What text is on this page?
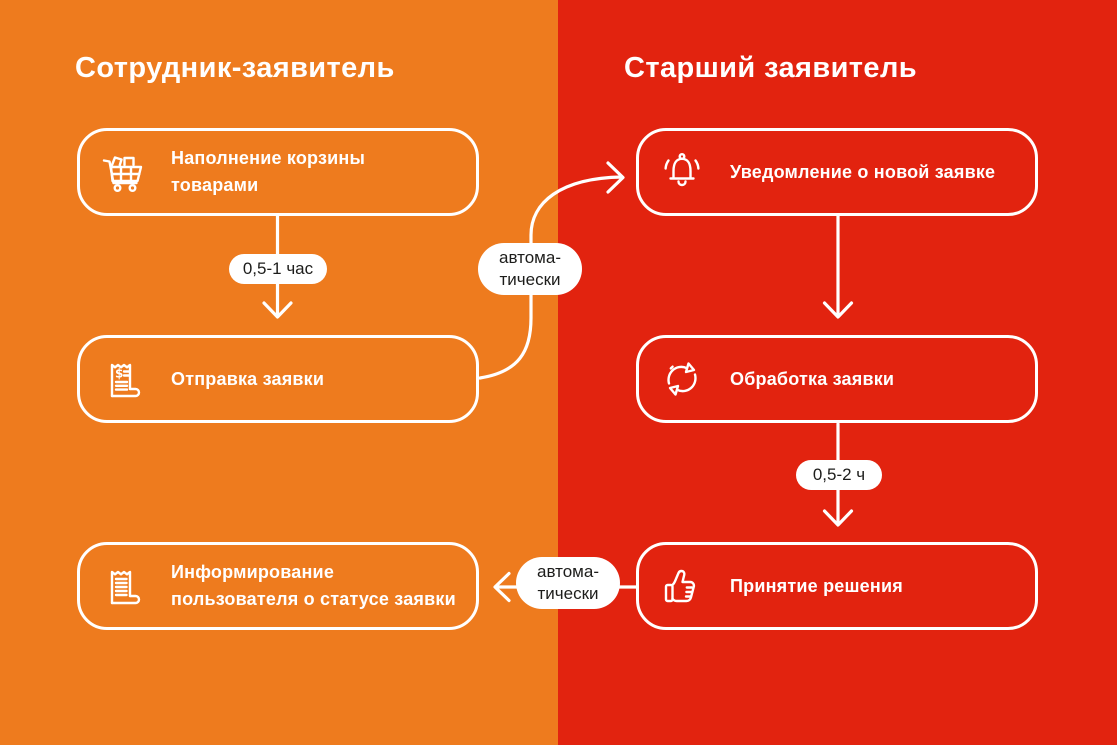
Сотрудник-заявитель	Старший заявитель
Наполнение корзины
товарами
$	Отправка заявки
Информирование
пользователя о статусе заявки
Уведомление о новой заявке
Обработка заявки
Принятие решения
0,5-1 час
автома-
тически
0,5-2 ч
автома-
тически
